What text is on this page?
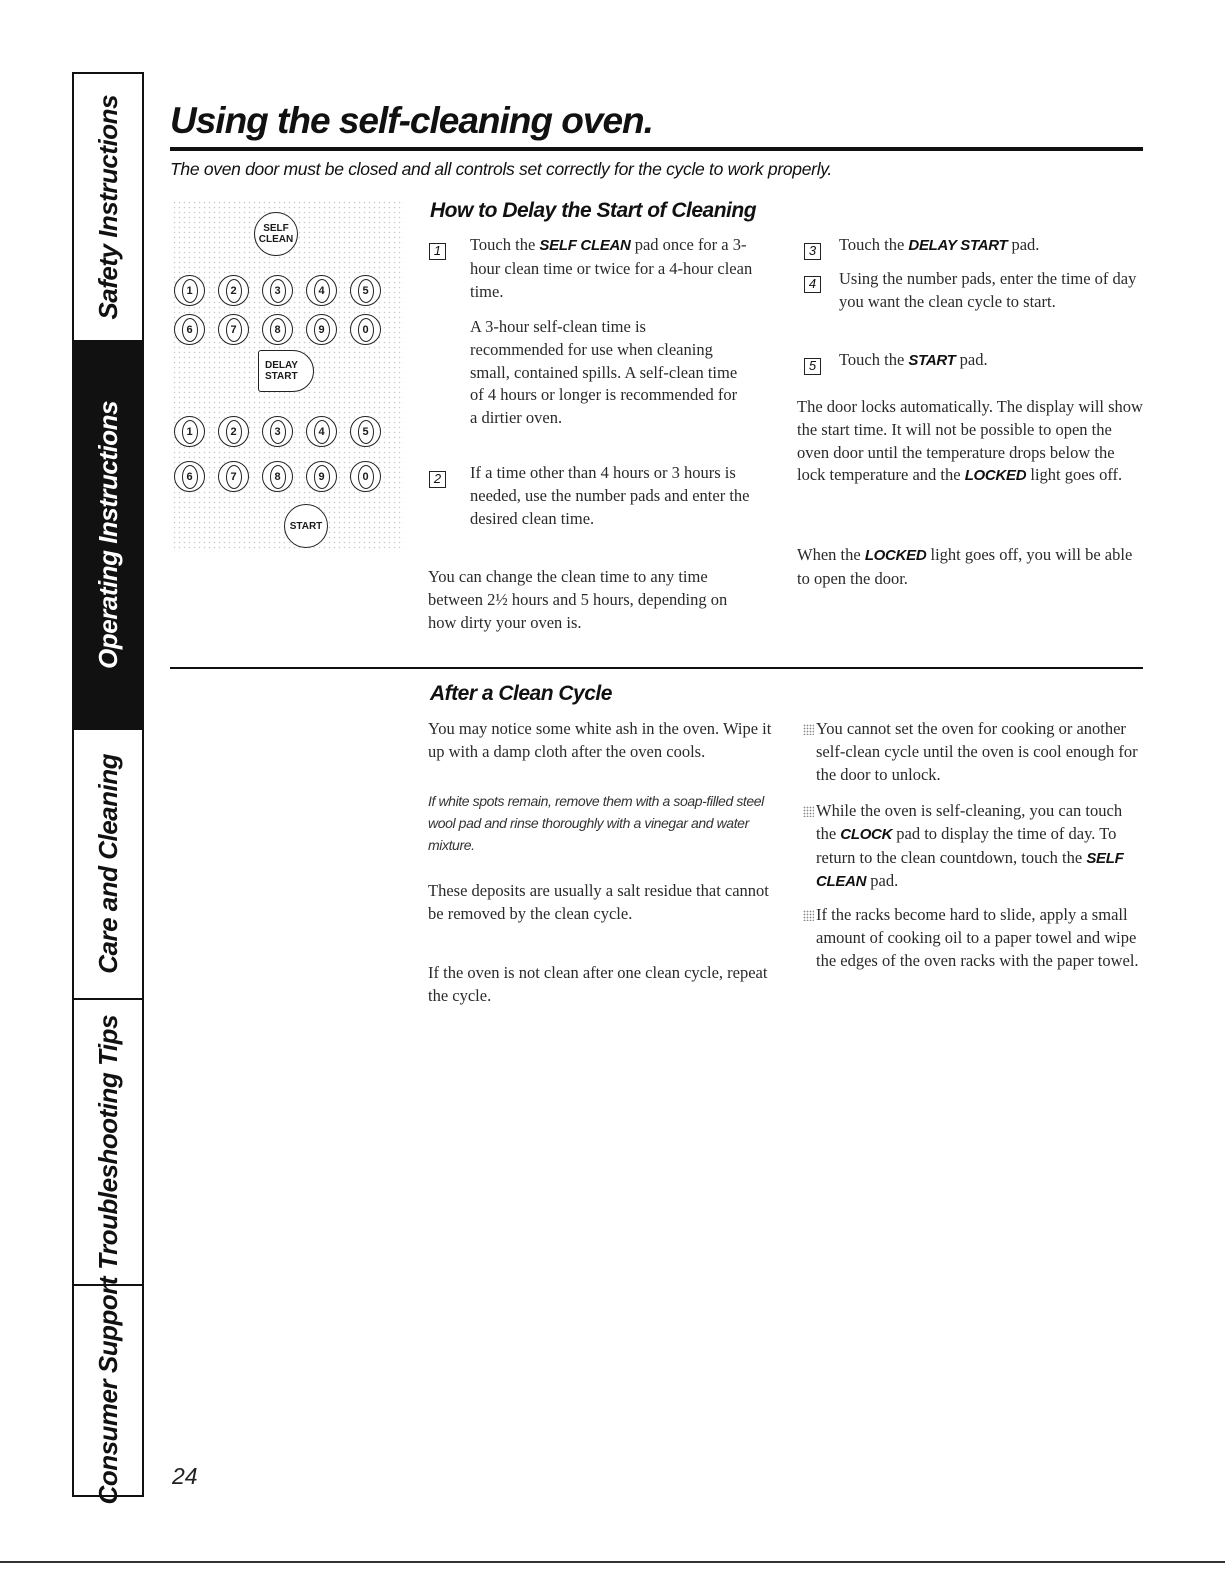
Safety Instructions
Operating Instructions
Care and Cleaning
Troubleshooting Tips
Consumer Support
Using the self-cleaning oven.
The oven door must be closed and all controls set correctly for the cycle to work properly.
SELF
CLEAN
1	2	3	4	5
6	7	8	9	0
DELAY
START
1	2	3	4	5
6	7	8	9	0
START
How to Delay the Start of Cleaning
1 Touch the SELF CLEAN pad once for a 3-hour clean time or twice for a 4-hour clean time.

A 3-hour self-clean time is recommended for use when cleaning small, contained spills. A self-clean time of 4 hours or longer is recommended for a dirtier oven.

2 If a time other than 4 hours or 3 hours is needed, use the number pads and enter the desired clean time.

You can change the clean time to any time between 2½ hours and 5 hours, depending on how dirty your oven is.

3 Touch the DELAY START pad.

4 Using the number pads, enter the time of day you want the clean cycle to start.

5 Touch the START pad.

The door locks automatically. The display will show the start time. It will not be possible to open the oven door until the temperature drops below the lock temperature and the LOCKED light goes off.

When the LOCKED light goes off, you will be able to open the door.

After a Clean Cycle

You may notice some white ash in the oven. Wipe it up with a damp cloth after the oven cools.

If white spots remain, remove them with a soap-filled steel wool pad and rinse thoroughly with a vinegar and water mixture.

These deposits are usually a salt residue that cannot be removed by the clean cycle.

If the oven is not clean after one clean cycle, repeat the cycle.

You cannot set the oven for cooking or another self-clean cycle until the oven is cool enough for the door to unlock.

While the oven is self-cleaning, you can touch the CLOCK pad to display the time of day. To return to the clean countdown, touch the SELF CLEAN pad.

If the racks become hard to slide, apply a small amount of cooking oil to a paper towel and wipe the edges of the oven racks with the paper towel.

24
